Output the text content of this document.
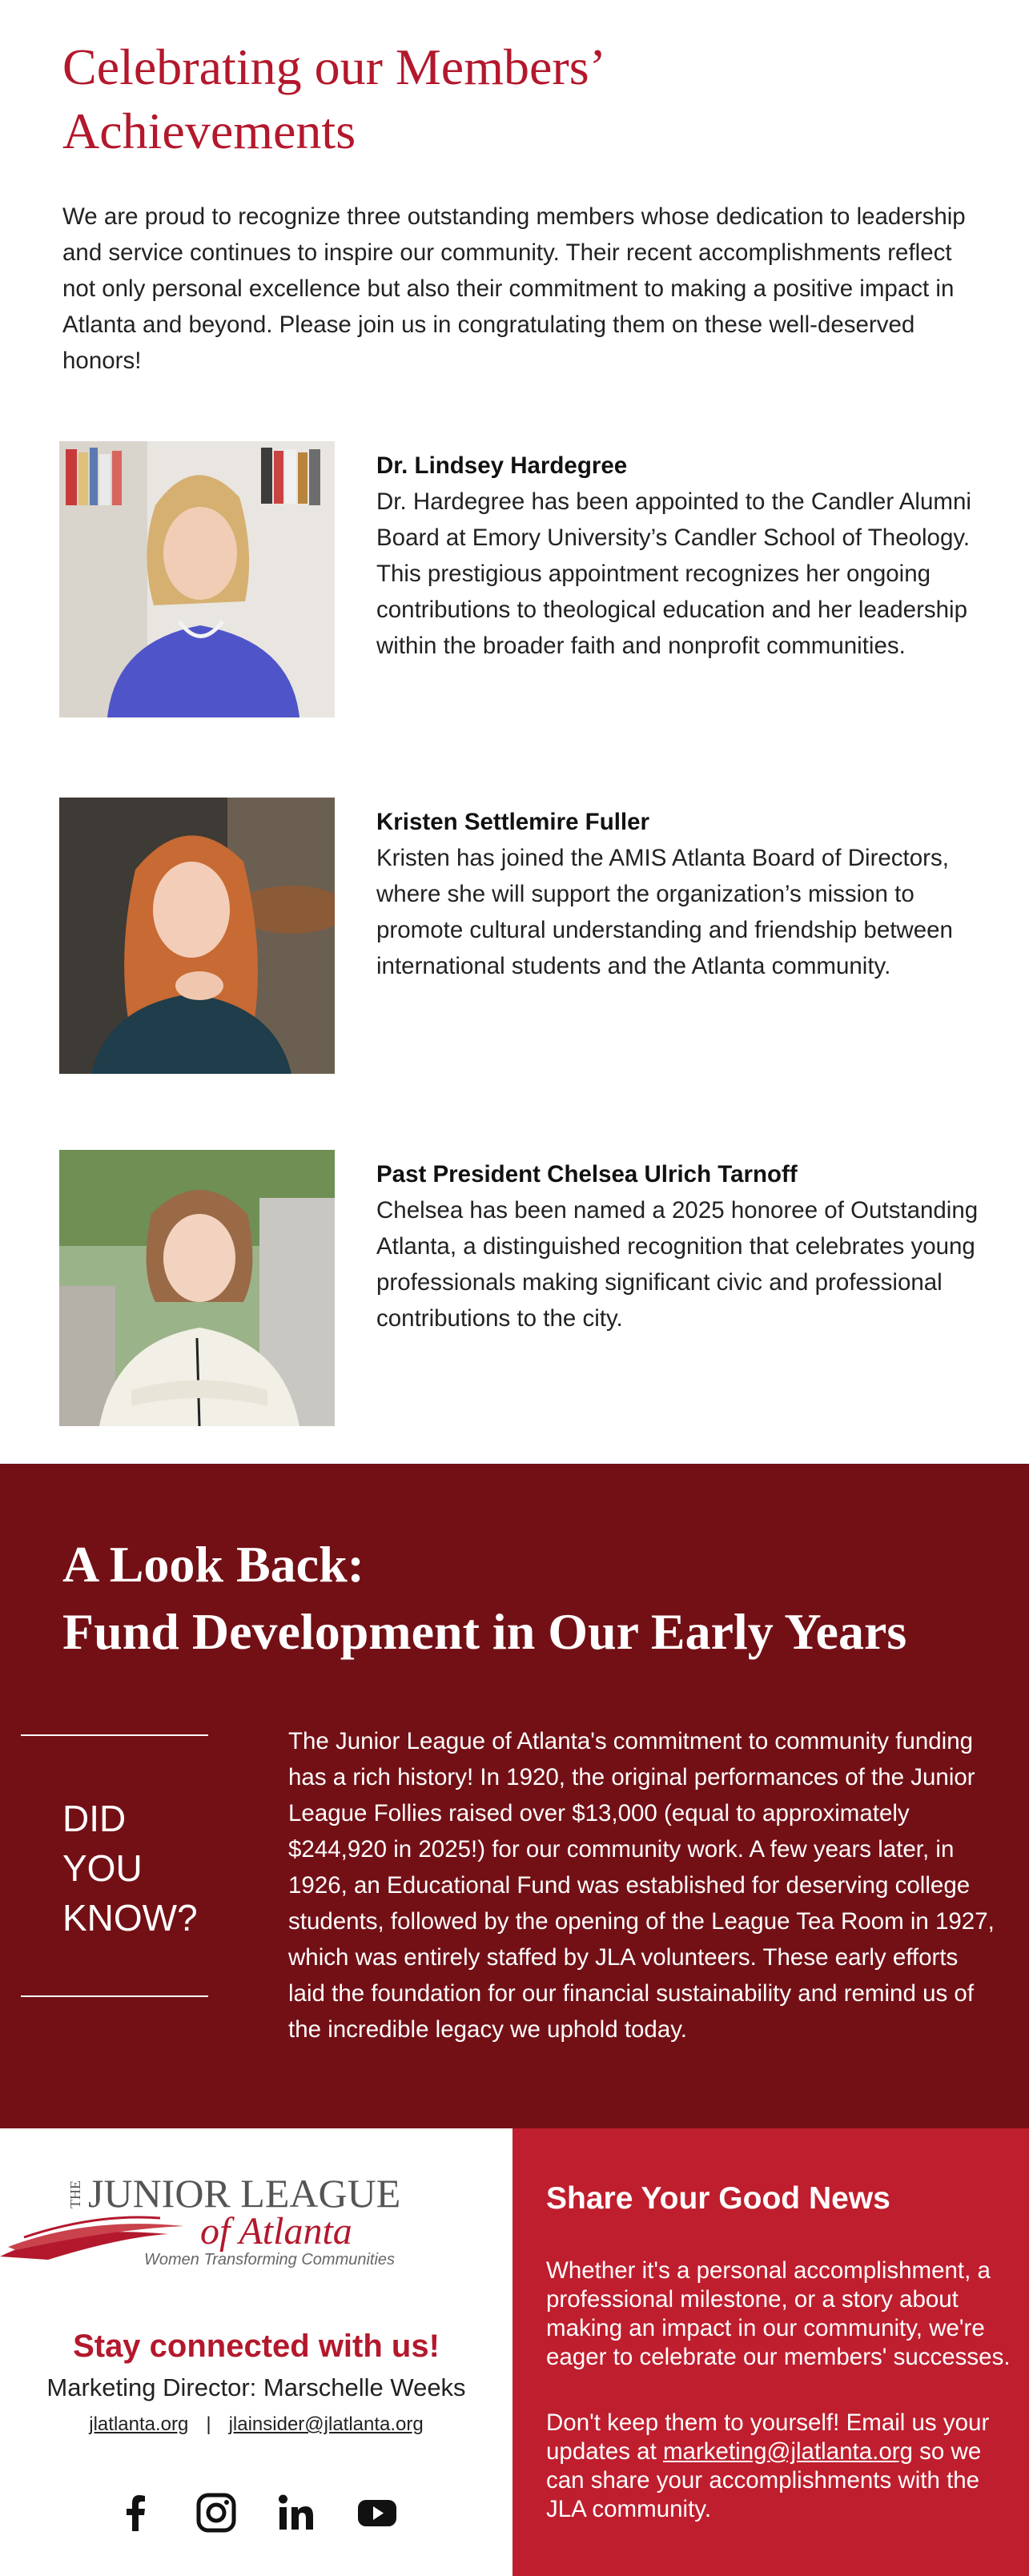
Celebrating our Members’
Achievements

We are proud to recognize three outstanding members whose dedication to leadership and service continues to inspire our community. Their recent accomplishments reflect not only personal excellence but also their commitment to making a positive impact in Atlanta and beyond. Please join us in congratulating them on these well-deserved honors!

Dr. Lindsey Hardegree
Dr. Hardegree has been appointed to the Candler Alumni Board at Emory University’s Candler School of Theology. This prestigious appointment recognizes her ongoing contributions to theological education and her leadership within the broader faith and nonprofit communities.
Kristen Settlemire Fuller
Kristen has joined the AMIS Atlanta Board of Directors, where she will support the organization’s mission to promote cultural understanding and friendship between international students and the Atlanta community.
Past President Chelsea Ulrich Tarnoff
Chelsea has been named a 2025 honoree of Outstanding Atlanta, a distinguished recognition that celebrates young professionals making significant civic and professional contributions to the city.
A Look Back:
Fund Development in Our Early Years
DID
YOU
KNOW?

The Junior League of Atlanta's commitment to community funding has a rich history! In 1920, the original performances of the Junior League Follies raised over $13,000 (equal to approximately $244,920 in 2025!) for our community work. A few years later, in 1926, an Educational Fund was established for deserving college students, followed by the opening of the League Tea Room in 1927, which was entirely staffed by JLA volunteers. These early efforts laid the foundation for our financial sustainability and remind us of the incredible legacy we uphold today.

THE JUNIOR LEAGUE
of Atlanta
Women Transforming Communities
Stay connected with us!
Marketing Director: Marschelle Weeks
jlatlanta.org | jlainsider@jlatlanta.org
Share Your Good News

Whether it's a personal accomplishment, a professional milestone, or a story about making an impact in our community, we're eager to celebrate our members' successes.

Don't keep them to yourself! Email us your updates at marketing@jlatlanta.org so we can share your accomplishments with the JLA community.
